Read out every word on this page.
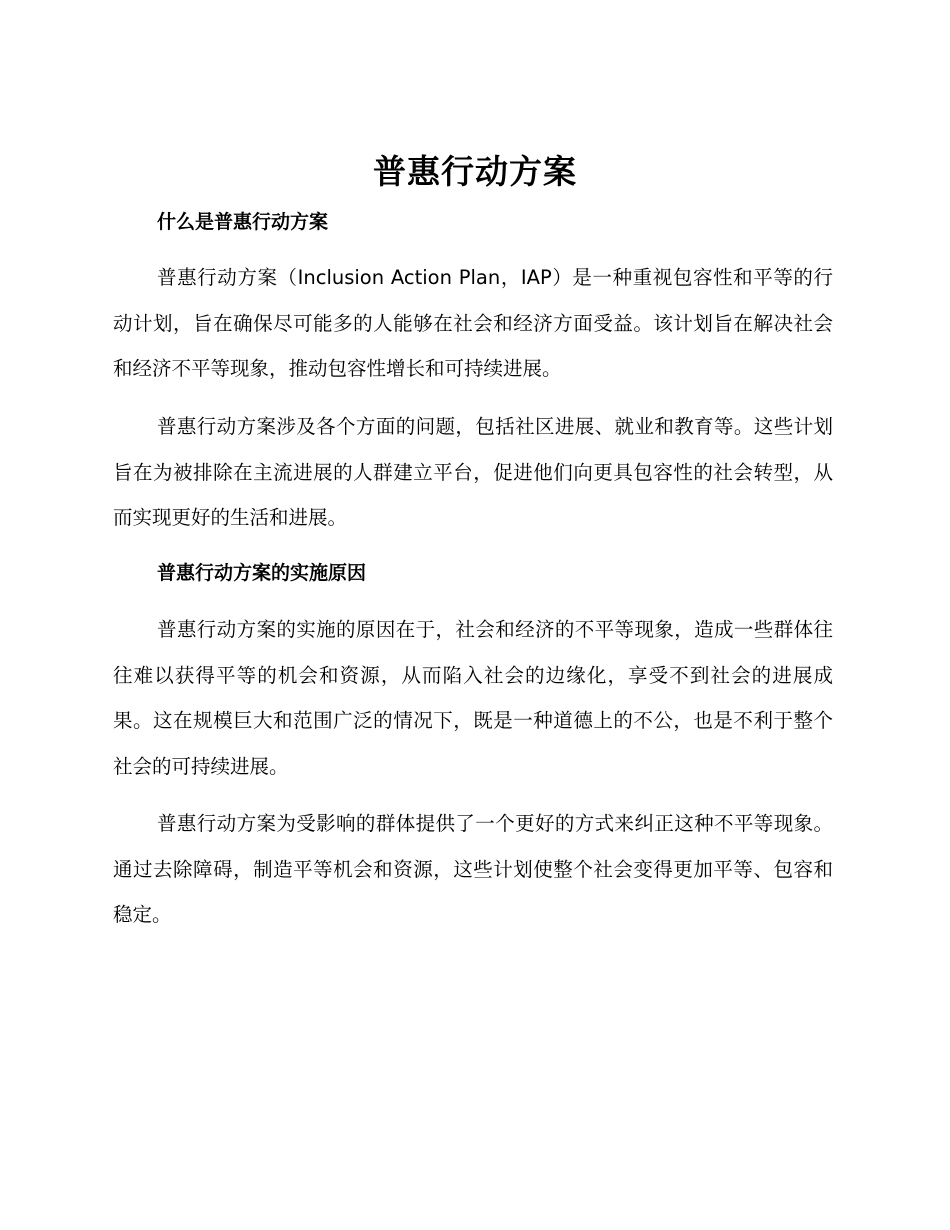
普惠行动方案
什么是普惠行动方案
普惠行动方案（Inclusion Action Plan，IAP）是一种重视包容性和平等的行动计划，旨在确保尽可能多的人能够在社会和经济方面受益。该计划旨在解决社会和经济不平等现象，推动包容性增长和可持续进展。
普惠行动方案涉及各个方面的问题，包括社区进展、就业和教育等。这些计划旨在为被排除在主流进展的人群建立平台，促进他们向更具包容性的社会转型，从而实现更好的生活和进展。
普惠行动方案的实施原因
普惠行动方案的实施的原因在于，社会和经济的不平等现象，造成一些群体往往难以获得平等的机会和资源，从而陷入社会的边缘化，享受不到社会的进展成果。这在规模巨大和范围广泛的情况下，既是一种道德上的不公，也是不利于整个社会的可持续进展。
普惠行动方案为受影响的群体提供了一个更好的方式来纠正这种不平等现象。通过去除障碍，制造平等机会和资源，这些计划使整个社会变得更加平等、包容和稳定。
